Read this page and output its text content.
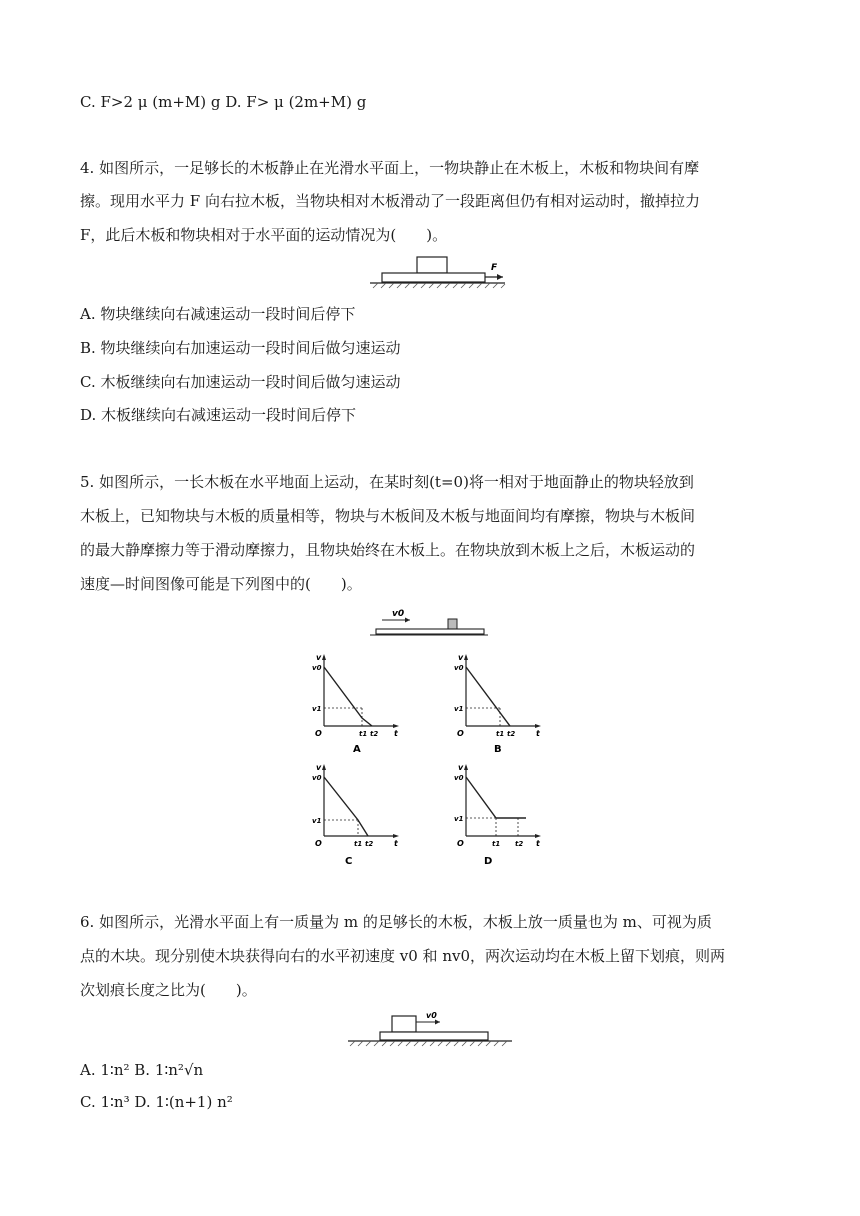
C. F>2 μ (m+M) g D. F> μ (2m+M) g
4. 如图所示，一足够长的木板静止在光滑水平面上，一物块静止在木板上，木板和物块间有摩
擦。现用水平力 F 向右拉木板，当物块相对木板滑动了一段距离但仍有相对运动时，撤掉拉力
F，此后木板和物块相对于水平面的运动情况为(　　)。
F
A. 物块继续向右减速运动一段时间后停下
B. 物块继续向右加速运动一段时间后做匀速运动
C. 木板继续向右加速运动一段时间后做匀速运动
D. 木板继续向右减速运动一段时间后停下
5. 如图所示，一长木板在水平地面上运动，在某时刻(t=0)将一相对于地面静止的物块轻放到
木板上，已知物块与木板的质量相等，物块与木板间及木板与地面间均有摩擦，物块与木板间
的最大静摩擦力等于滑动摩擦力，且物块始终在木板上。在物块放到木板上之后，木板运动的
速度—时间图像可能是下列图中的(　　)。
v0
v
v0
v1
O	t1 t2 t
A
v
v0
v1
O	t1 t2	t
B
v
v0
v1
O	t1 t2	t
C
v
v0
v1
O	t1 t2 t
D
6. 如图所示，光滑水平面上有一质量为 m 的足够长的木板，木板上放一质量也为 m、可视为质
点的木块。现分别使木块获得向右的水平初速度 v0 和 nv0，两次运动均在木板上留下划痕，则两
次划痕长度之比为(　　)。
v0
A. 1∶n² B. 1∶n²√n
C. 1∶n³ D. 1∶(n+1) n²
